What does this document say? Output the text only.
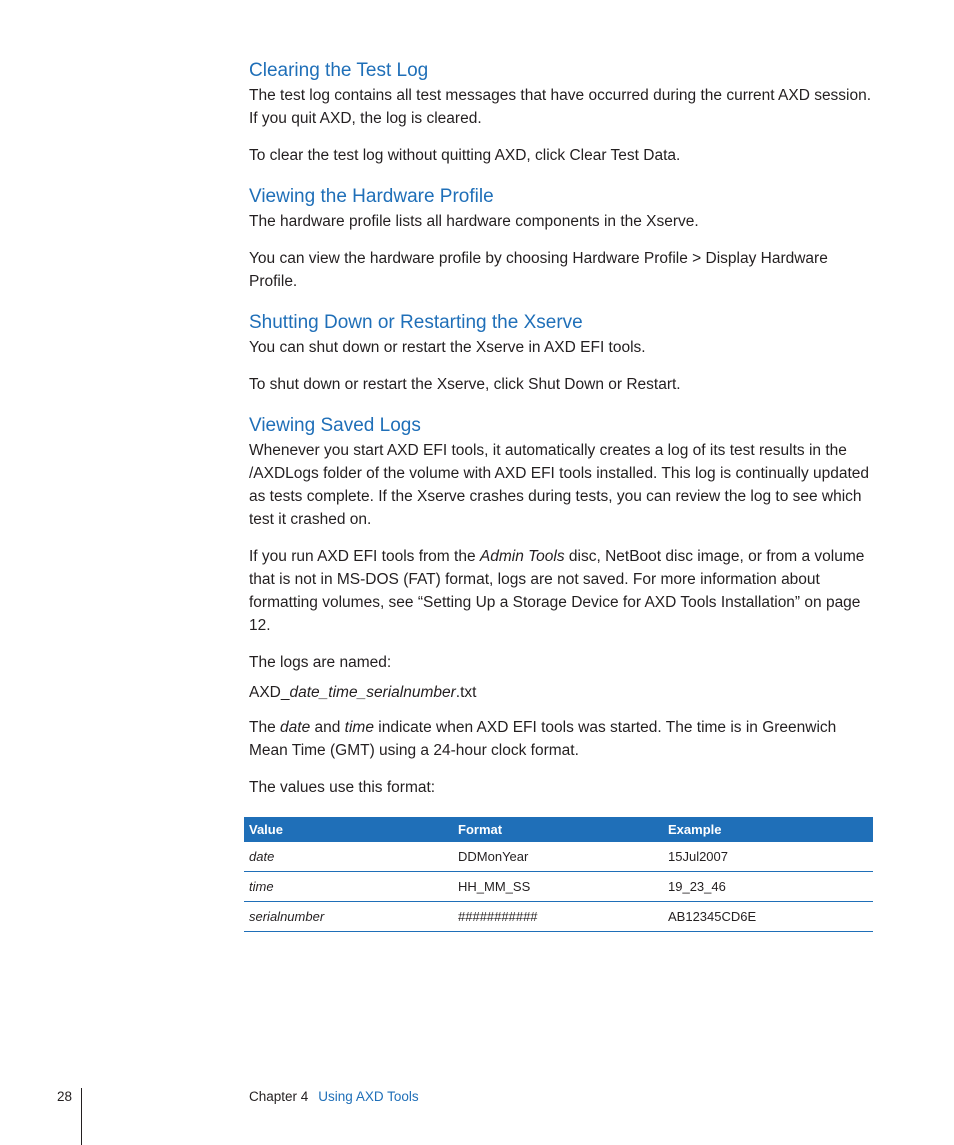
Clearing the Test Log

The test log contains all test messages that have occurred during the current AXD session. If you quit AXD, the log is cleared.

To clear the test log without quitting AXD, click Clear Test Data.

Viewing the Hardware Profile

The hardware profile lists all hardware components in the Xserve.

You can view the hardware profile by choosing Hardware Profile > Display Hardware Profile.

Shutting Down or Restarting the Xserve

You can shut down or restart the Xserve in AXD EFI tools.

To shut down or restart the Xserve, click Shut Down or Restart.

Viewing Saved Logs

Whenever you start AXD EFI tools, it automatically creates a log of its test results in the /AXDLogs folder of the volume with AXD EFI tools installed. This log is continually updated as tests complete. If the Xserve crashes during tests, you can review the log to see which test it crashed on.

If you run AXD EFI tools from the Admin Tools disc, NetBoot disc image, or from a volume that is not in MS-DOS (FAT) format, logs are not saved. For more information about formatting volumes, see “Setting Up a Storage Device for AXD Tools Installation” on page 12.

The logs are named:

AXD_date_time_serialnumber.txt

The date and time indicate when AXD EFI tools was started. The time is in Greenwich Mean Time (GMT) using a 24-hour clock format.

The values use this format:

Value	Format	Example
date	DDMonYear	15Jul2007
time	HH_MM_SS	19_23_46
serialnumber	###########	AB12345CD6E
28	Chapter 4 Using AXD Tools
